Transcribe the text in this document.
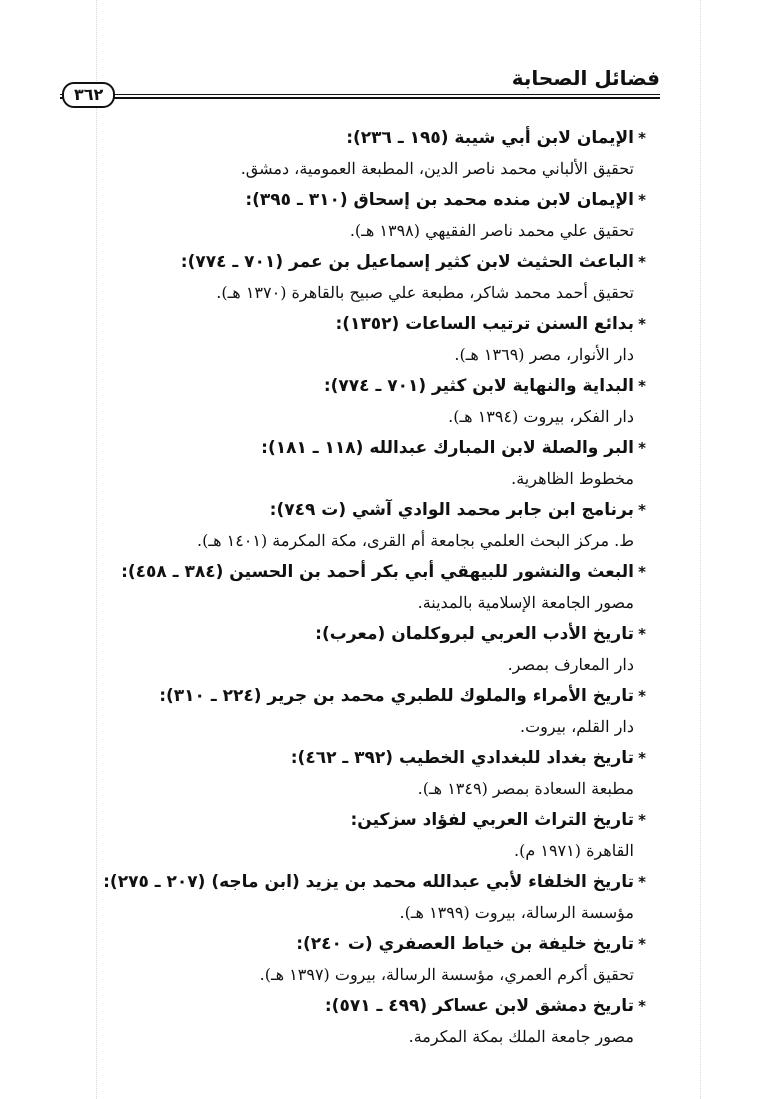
فضائل الصحابة
٣٦٢
*الإيمان لابن أبي شيبة (١٩٥ ـ ٢٣٦):
تحقيق الألباني محمد ناصر الدين، المطبعة العمومية، دمشق.
*الإيمان لابن منده محمد بن إسحاق (٣١٠ ـ ٣٩٥):
تحقيق علي محمد ناصر الفقيهي (١٣٩٨ هـ).
*الباعث الحثيث لابن كثير إسماعيل بن عمر (٧٠١ ـ ٧٧٤):
تحقيق أحمد محمد شاكر، مطبعة علي صبيح بالقاهرة (١٣٧٠ هـ).
*بدائع السنن ترتيب الساعات (١٣٥٢):
دار الأنوار، مصر (١٣٦٩ هـ).
*البداية والنهاية لابن كثير (٧٠١ ـ ٧٧٤):
دار الفكر، بيروت (١٣٩٤ هـ).
*البر والصلة لابن المبارك عبدالله (١١٨ ـ ١٨١):
مخطوط الظاهرية.
*برنامج ابن جابر محمد الوادي آشي (ت ٧٤٩):
ط. مركز البحث العلمي بجامعة أم القرى، مكة المكرمة (١٤٠١ هـ).
*البعث والنشور للبيهقي أبي بكر أحمد بن الحسين (٣٨٤ ـ ٤٥٨):
مصور الجامعة الإسلامية بالمدينة.
*تاريخ الأدب العربي لبروكلمان (معرب):
دار المعارف بمصر.
*تاريخ الأمراء والملوك للطبري محمد بن جرير (٢٢٤ ـ ٣١٠):
دار القلم، بيروت.
*تاريخ بغداد للبغدادي الخطيب (٣٩٢ ـ ٤٦٢):
مطبعة السعادة بمصر (١٣٤٩ هـ).
*تاريخ التراث العربي لفؤاد سزكين:
القاهرة (١٩٧١ م).
*تاريخ الخلفاء لأبي عبدالله محمد بن يزيد (ابن ماجه) (٢٠٧ ـ ٢٧٥):
مؤسسة الرسالة، بيروت (١٣٩٩ هـ).
*تاريخ خليفة بن خياط العصفري (ت ٢٤٠):
تحقيق أكرم العمري، مؤسسة الرسالة، بيروت (١٣٩٧ هـ).
*تاريخ دمشق لابن عساكر (٤٩٩ ـ ٥٧١):
مصور جامعة الملك بمكة المكرمة.
